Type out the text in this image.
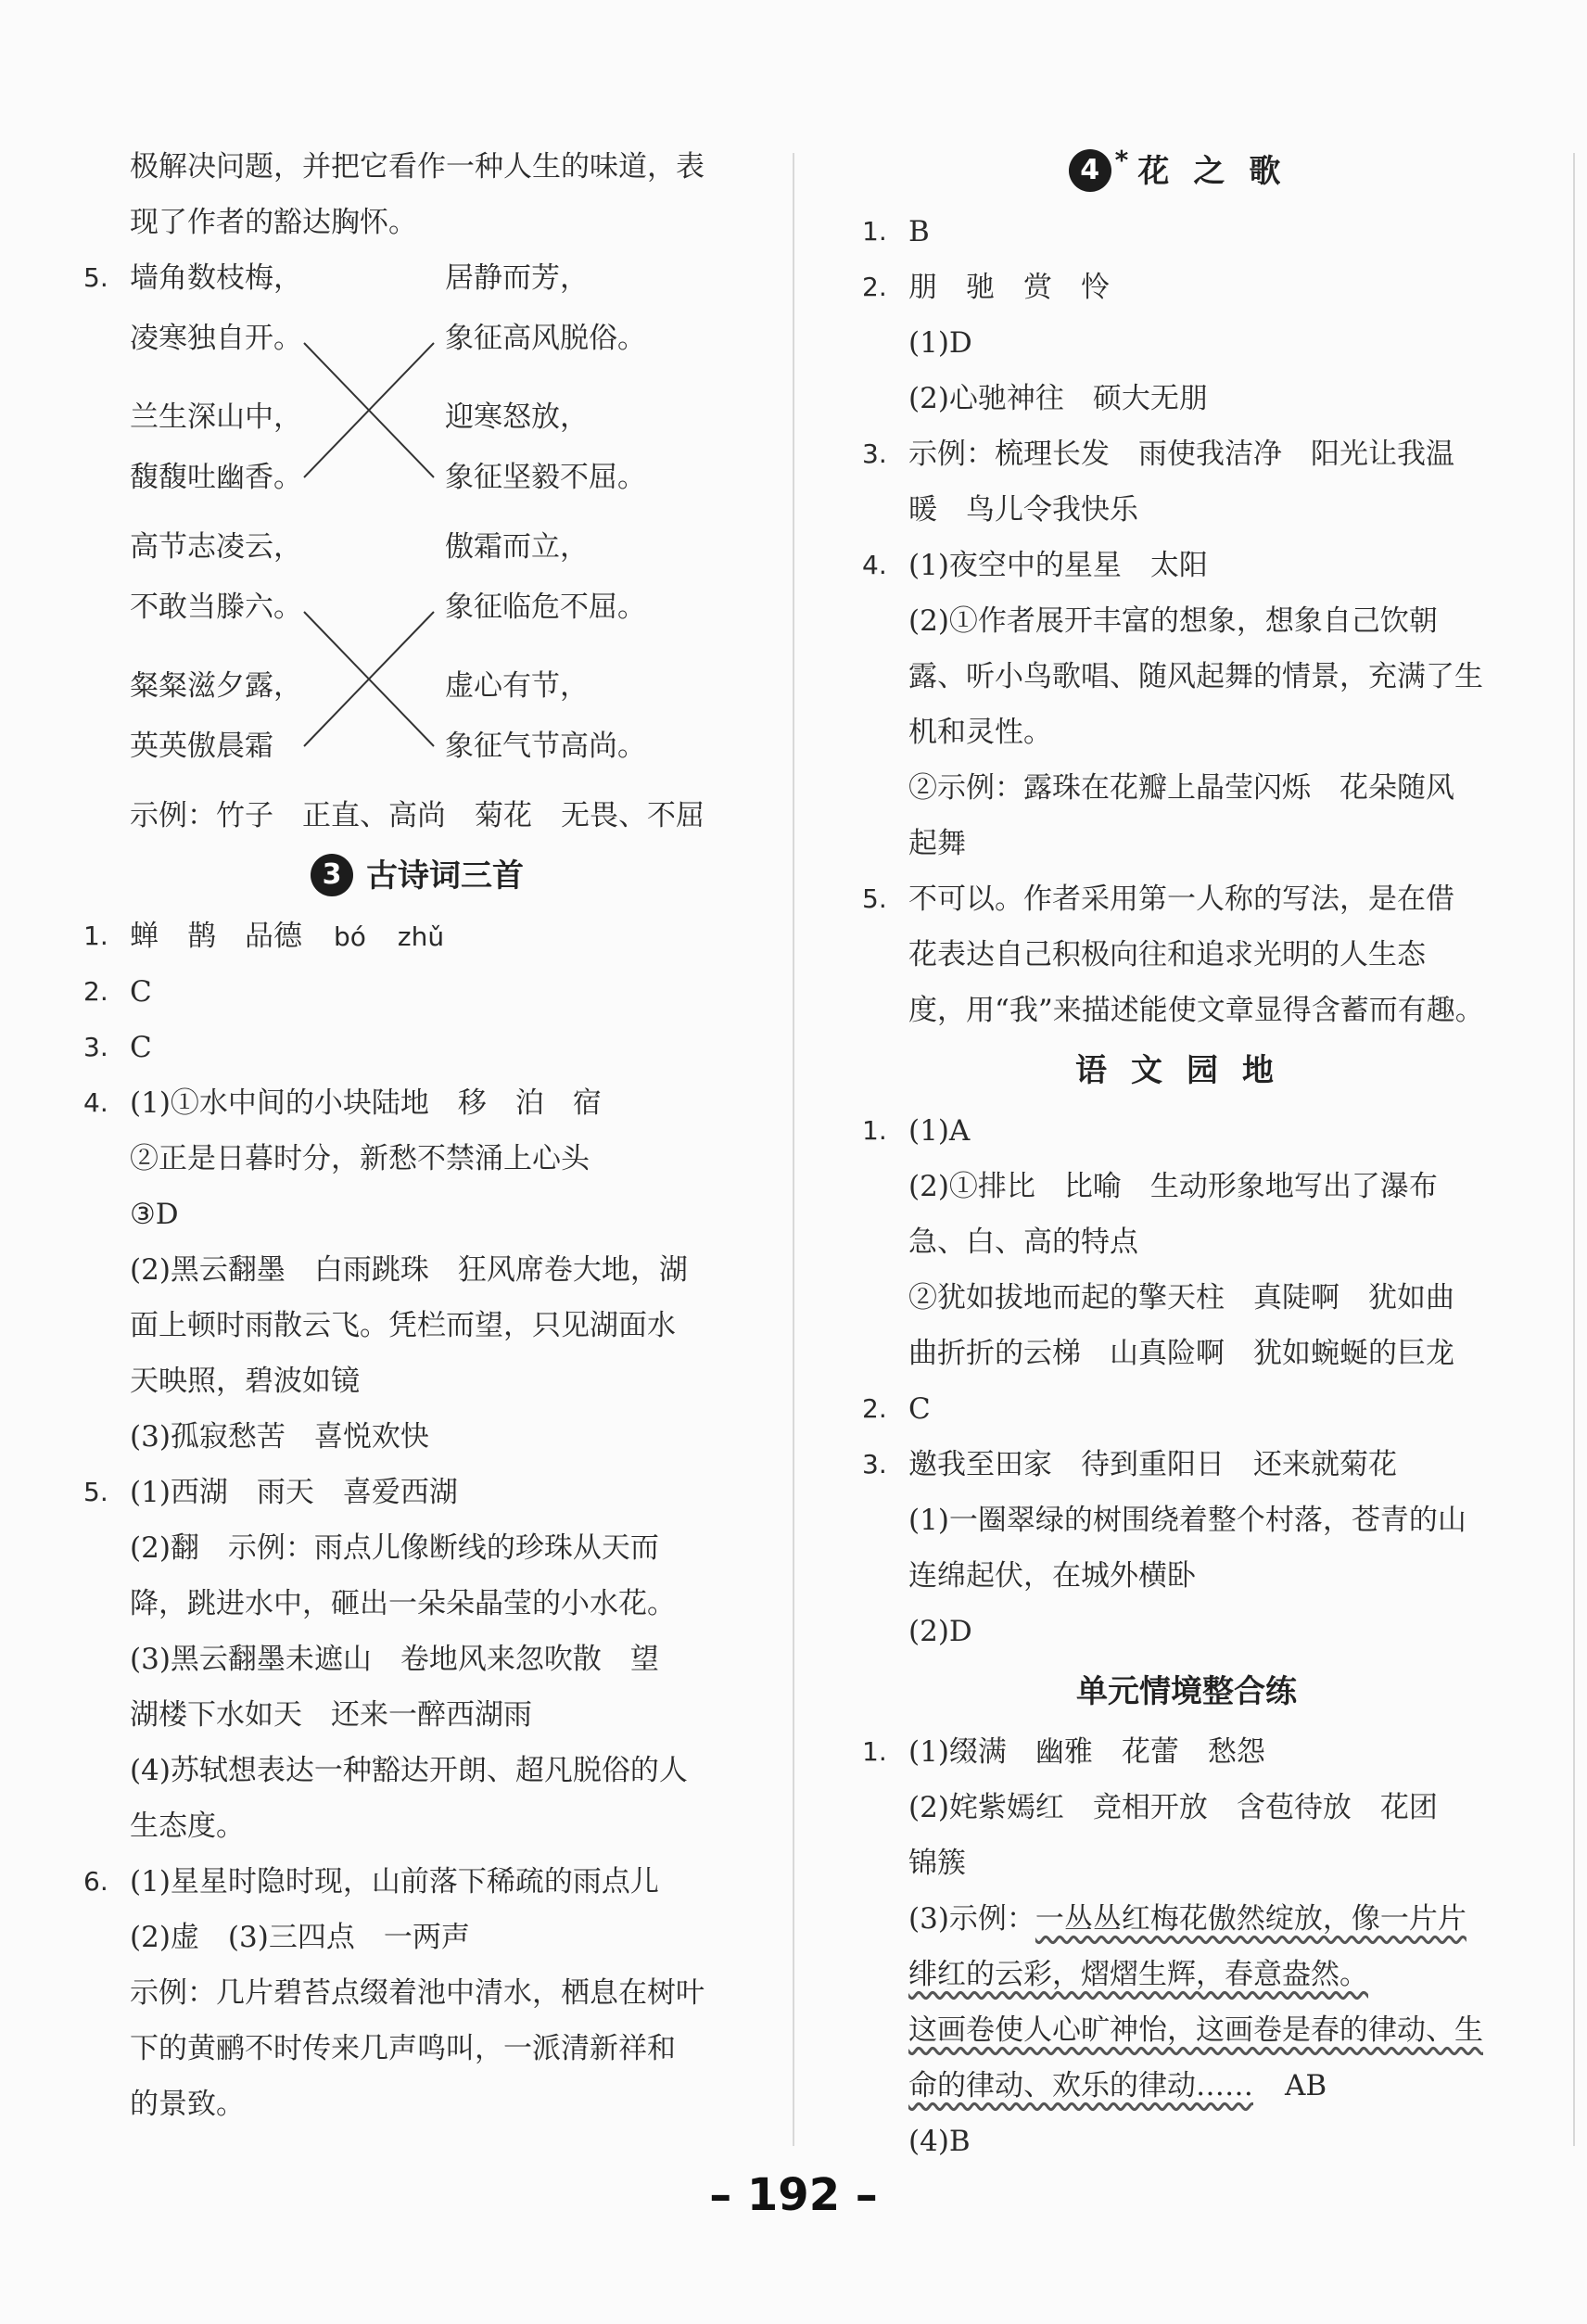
极解决问题，并把它看作一种人生的味道，表
现了作者的豁达胸怀。
5. 墙角数枝梅，
凌寒独自开。
兰生深山中，
馥馥吐幽香。
居静而芳，
象征高风脱俗。
迎寒怒放，
象征坚毅不屈。
高节志凌云，
不敢当滕六。
粲粲滋夕露，
英英傲晨霜
傲霜而立，
象征临危不屈。
虚心有节，
象征气节高尚。
示例：竹子　正直、高尚　菊花　无畏、不屈
3 古诗词三首
1. 蝉　鹊　品德 bó zhǔ
2. C
3. C
4. (1)①水中间的小块陆地　移　泊　宿
②正是日暮时分，新愁不禁涌上心头
③D
(2)黑云翻墨　白雨跳珠　狂风席卷大地，湖
面上顿时雨散云飞。凭栏而望，只见湖面水
天映照，碧波如镜
(3)孤寂愁苦　喜悦欢快
5. (1)西湖　雨天　喜爱西湖
(2)翻　示例：雨点儿像断线的珍珠从天而
降，跳进水中，砸出一朵朵晶莹的小水花。
(3)黑云翻墨未遮山　卷地风来忽吹散　望
湖楼下水如天　还来一醉西湖雨
(4)苏轼想表达一种豁达开朗、超凡脱俗的人
生态度。
6. (1)星星时隐时现，山前落下稀疏的雨点儿
(2)虚　(3)三四点　一两声
示例：几片碧苔点缀着池中清水，栖息在树叶
下的黄鹂不时传来几声鸣叫，一派清新祥和
的景致。
4 * 花之歌
1. B
2. 朋　驰　赏　怜
(1)D
(2)心驰神往　硕大无朋
3. 示例：梳理长发　雨使我洁净　阳光让我温
暖　鸟儿令我快乐
4. (1)夜空中的星星　太阳
(2)①作者展开丰富的想象，想象自己饮朝
露、听小鸟歌唱、随风起舞的情景，充满了生
机和灵性。
②示例：露珠在花瓣上晶莹闪烁　花朵随风
起舞
5. 不可以。作者采用第一人称的写法，是在借
花表达自己积极向往和追求光明的人生态
度，用“我”来描述能使文章显得含蓄而有趣。
语文园地
1. (1)A
(2)①排比　比喻　生动形象地写出了瀑布
急、白、高的特点
②犹如拔地而起的擎天柱　真陡啊　犹如曲
曲折折的云梯　山真险啊　犹如蜿蜒的巨龙
2. C
3. 邀我至田家　待到重阳日　还来就菊花
(1)一圈翠绿的树围绕着整个村落，苍青的山
连绵起伏，在城外横卧
(2)D
单元情境整合练
1. (1)缀满　幽雅　花蕾　愁怨
(2)姹紫嫣红　竞相开放　含苞待放　花团
锦簇
(3)示例：一丛丛红梅花傲然绽放，像一片片
绯红的云彩，熠熠生辉，春意盎然。
这画卷使人心旷神怡，这画卷是春的律动、生
命的律动、欢乐的律动…… AB
(4)B
– 192 –
